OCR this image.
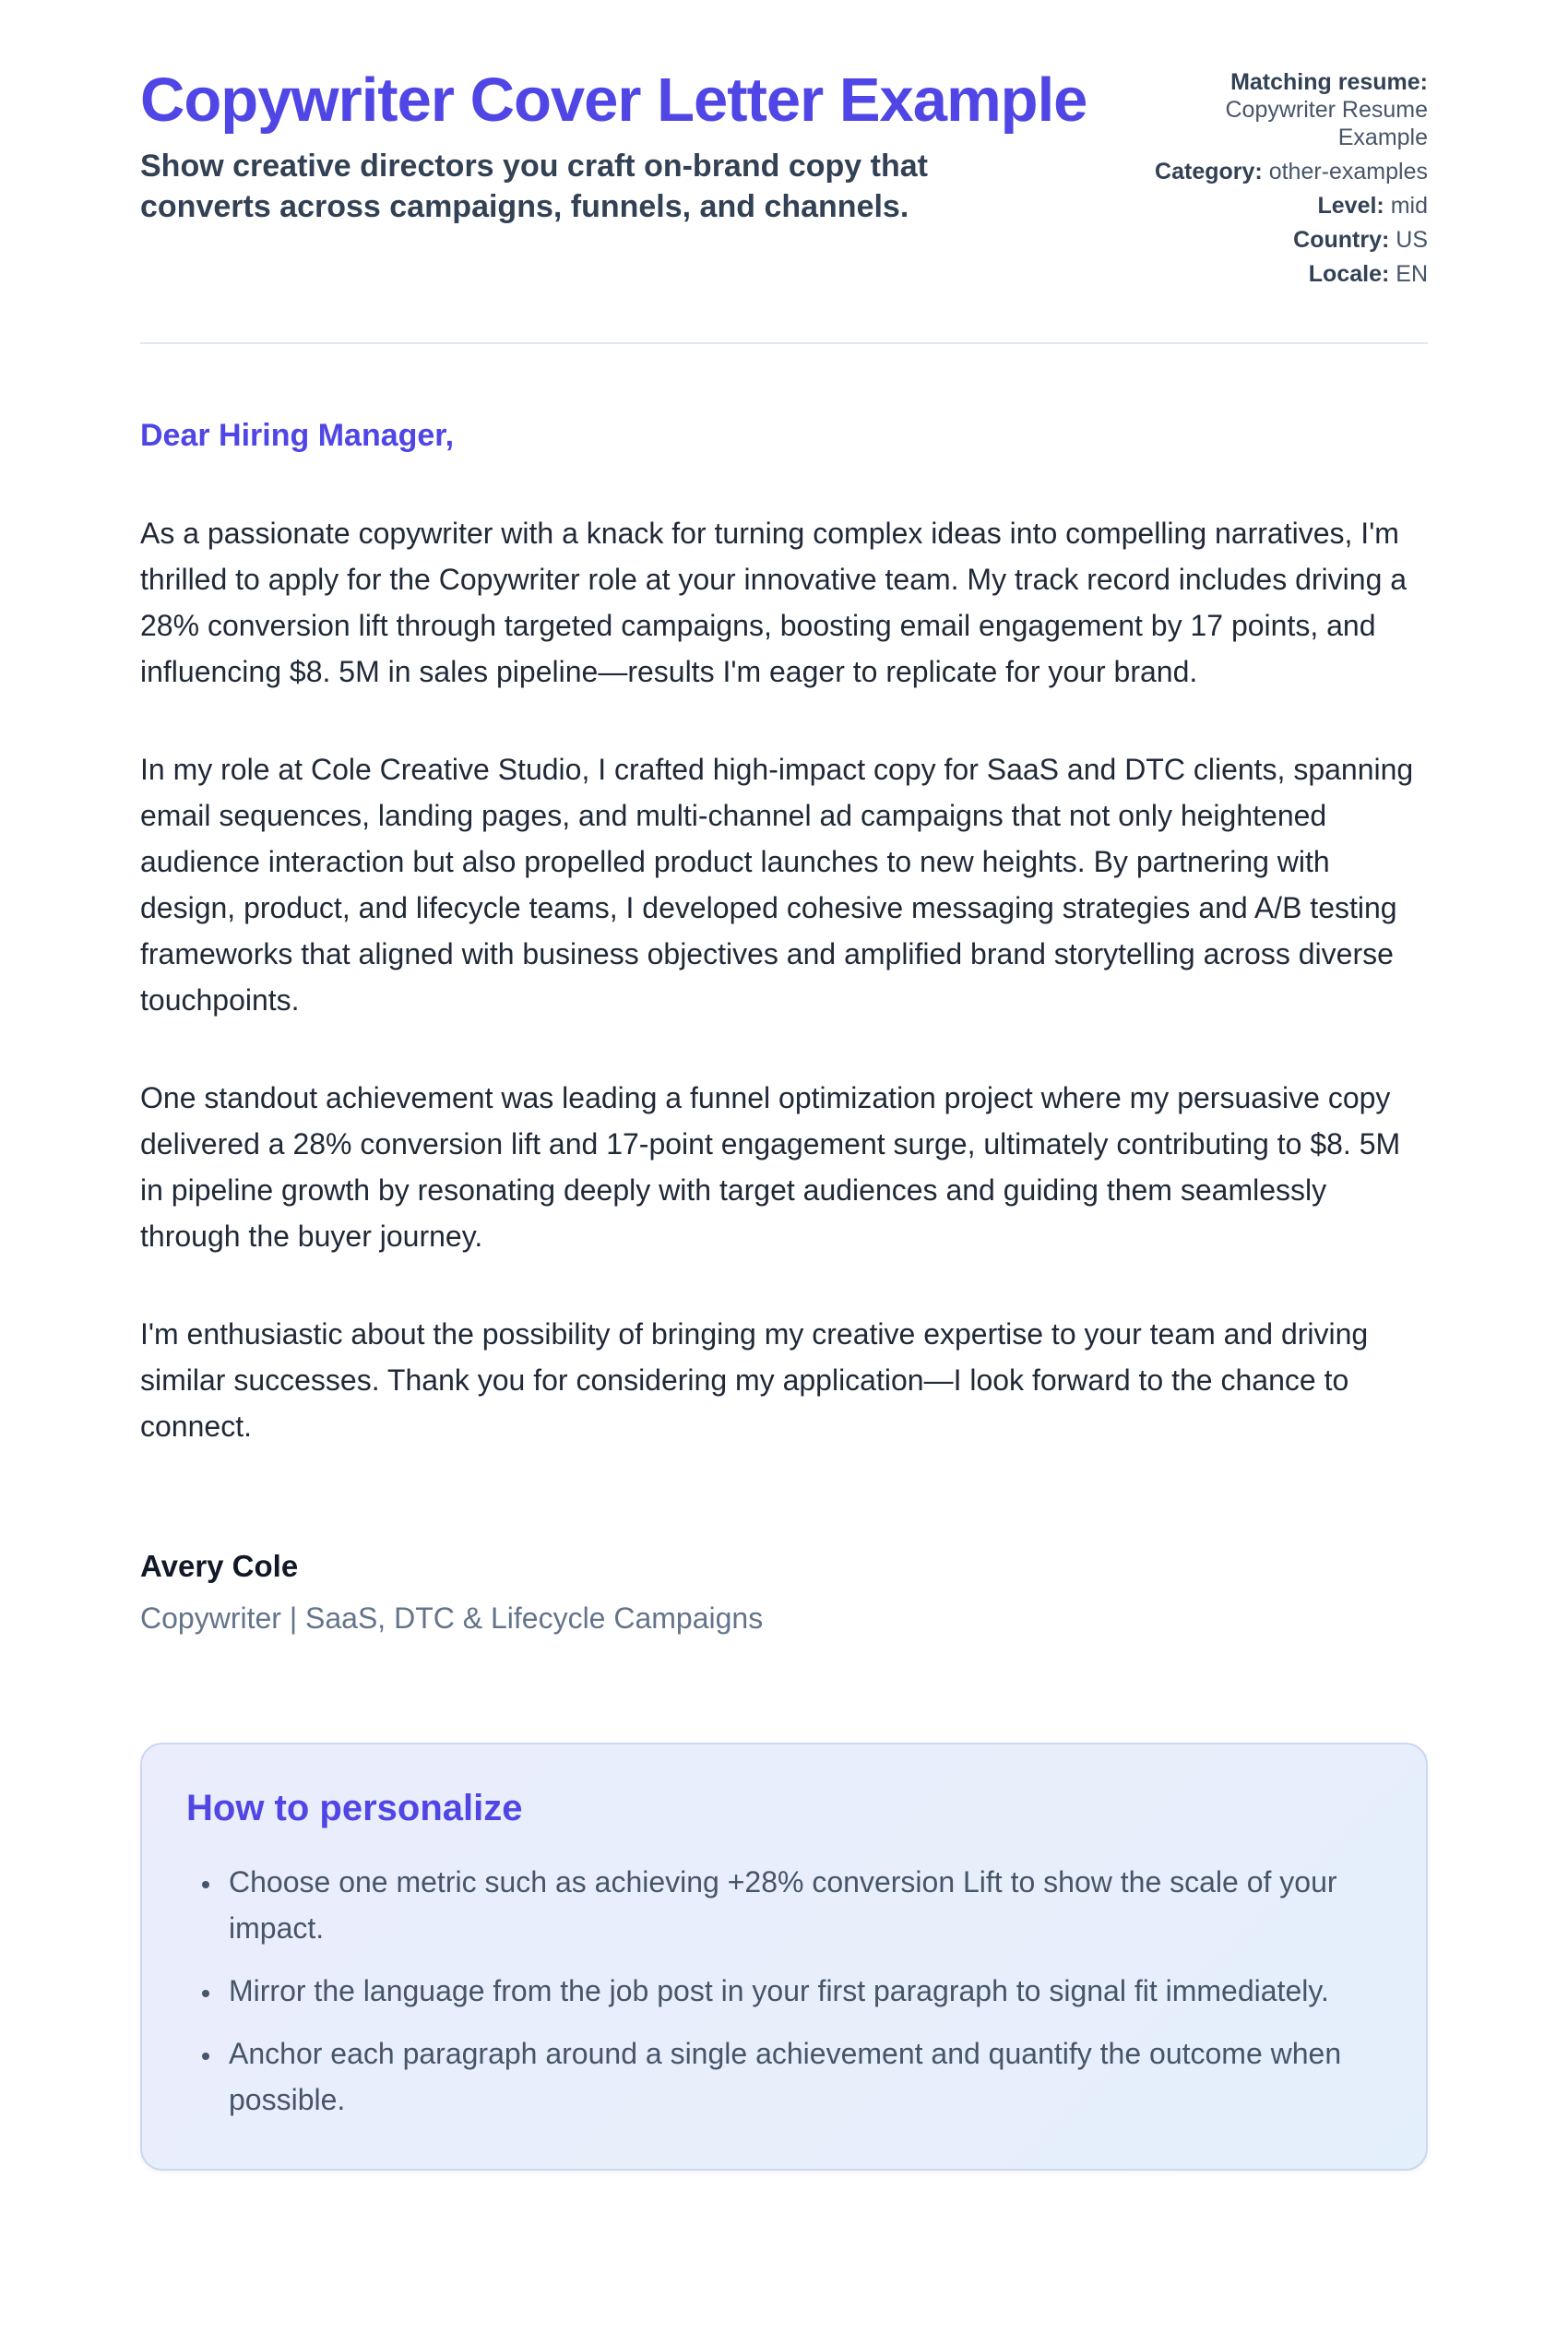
Copywriter Cover Letter Example

Show creative directors you craft on-brand copy that converts across campaigns, funnels, and channels.

Matching resume: Copywriter Resume Example
Category: other-examples
Level: mid
Country: US
Locale: EN

Dear Hiring Manager,

As a passionate copywriter with a knack for turning complex ideas into compelling narratives, I'm thrilled to apply for the Copywriter role at your innovative team. My track record includes driving a 28% conversion lift through targeted campaigns, boosting email engagement by 17 points, and influencing $8. 5M in sales pipeline—results I'm eager to replicate for your brand.

In my role at Cole Creative Studio, I crafted high-impact copy for SaaS and DTC clients, spanning email sequences, landing pages, and multi-channel ad campaigns that not only heightened audience interaction but also propelled product launches to new heights. By partnering with design, product, and lifecycle teams, I developed cohesive messaging strategies and A/B testing frameworks that aligned with business objectives and amplified brand storytelling across diverse touchpoints.

One standout achievement was leading a funnel optimization project where my persuasive copy delivered a 28% conversion lift and 17-point engagement surge, ultimately contributing to $8. 5M in pipeline growth by resonating deeply with target audiences and guiding them seamlessly through the buyer journey.

I'm enthusiastic about the possibility of bringing my creative expertise to your team and driving similar successes. Thank you for considering my application—I look forward to the chance to connect.

Avery Cole

Copywriter | SaaS, DTC & Lifecycle Campaigns

How to personalize
• Choose one metric such as achieving +28% conversion Lift to show the scale of your impact.
• Mirror the language from the job post in your first paragraph to signal fit immediately.
• Anchor each paragraph around a single achievement and quantify the outcome when possible.
